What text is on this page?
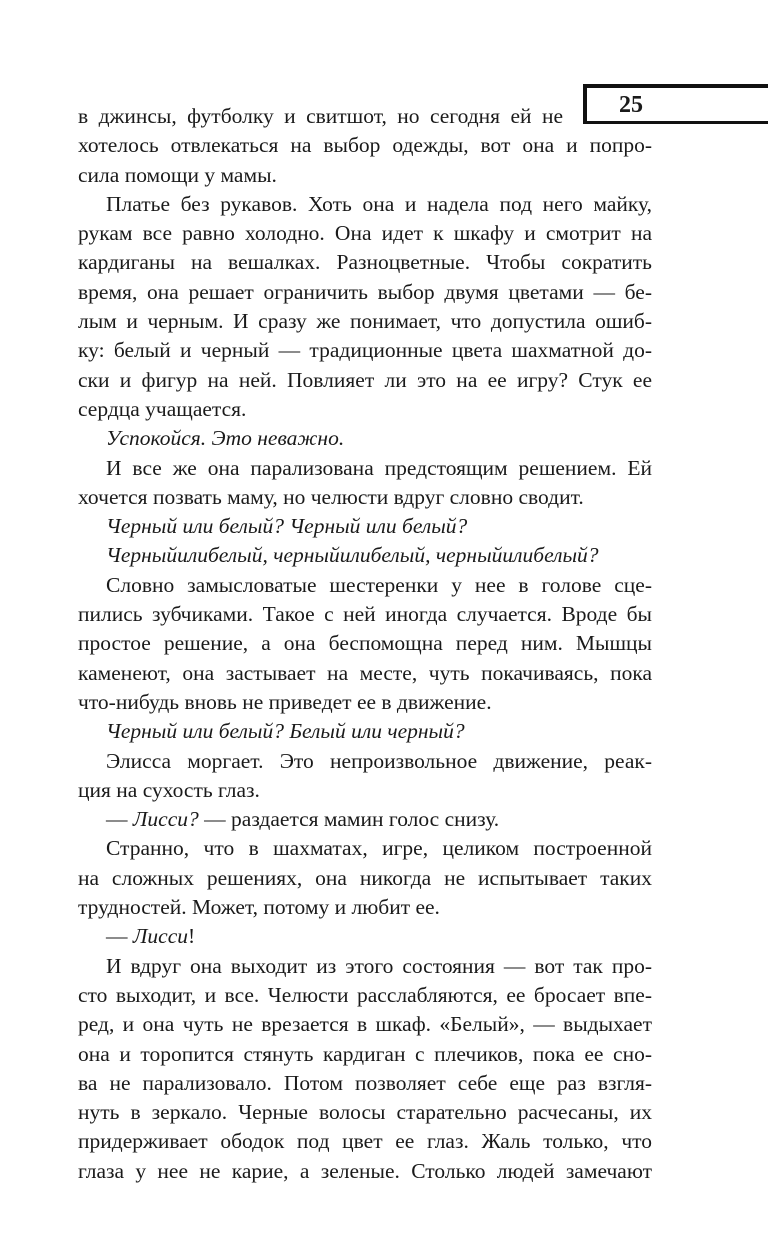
25
в джинсы, футболку и свитшот, но сегодня ей не
хотелось отвлекаться на выбор одежды, вот она и попро-
сила помощи у мамы.
Платье без рукавов. Хоть она и надела под него майку,
рукам все равно холодно. Она идет к шкафу и смотрит на
кардиганы на вешалках. Разноцветные. Чтобы сократить
время, она решает ограничить выбор двумя цветами — бе-
лым и черным. И сразу же понимает, что допустила ошиб-
ку: белый и черный — традиционные цвета шахматной до-
ски и фигур на ней. Повлияет ли это на ее игру? Стук ее
сердца учащается.
Успокойся. Это неважно.
И все же она парализована предстоящим решением. Ей
хочется позвать маму, но челюсти вдруг словно сводит.
Черный или белый? Черный или белый?
Черныйилибелый, черныйилибелый, черныйилибелый?
Словно замысловатые шестеренки у нее в голове сце-
пились зубчиками. Такое с ней иногда случается. Вроде бы
простое решение, а она беспомощна перед ним. Мышцы
каменеют, она застывает на месте, чуть покачиваясь, пока
что-нибудь вновь не приведет ее в движение.
Черный или белый? Белый или черный?
Элисса моргает. Это непроизвольное движение, реак-
ция на сухость глаз.
— Лисси? — раздается мамин голос снизу.
Странно, что в шахматах, игре, целиком построенной
на сложных решениях, она никогда не испытывает таких
трудностей. Может, потому и любит ее.
— Лисси!
И вдруг она выходит из этого состояния — вот так про-
сто выходит, и все. Челюсти расслабляются, ее бросает впе-
ред, и она чуть не врезается в шкаф. «Белый», — выдыхает
она и торопится стянуть кардиган с плечиков, пока ее сно-
ва не парализовало. Потом позволяет себе еще раз взгля-
нуть в зеркало. Черные волосы старательно расчесаны, их
придерживает ободок под цвет ее глаз. Жаль только, что
глаза у нее не карие, а зеленые. Столько людей замечают
